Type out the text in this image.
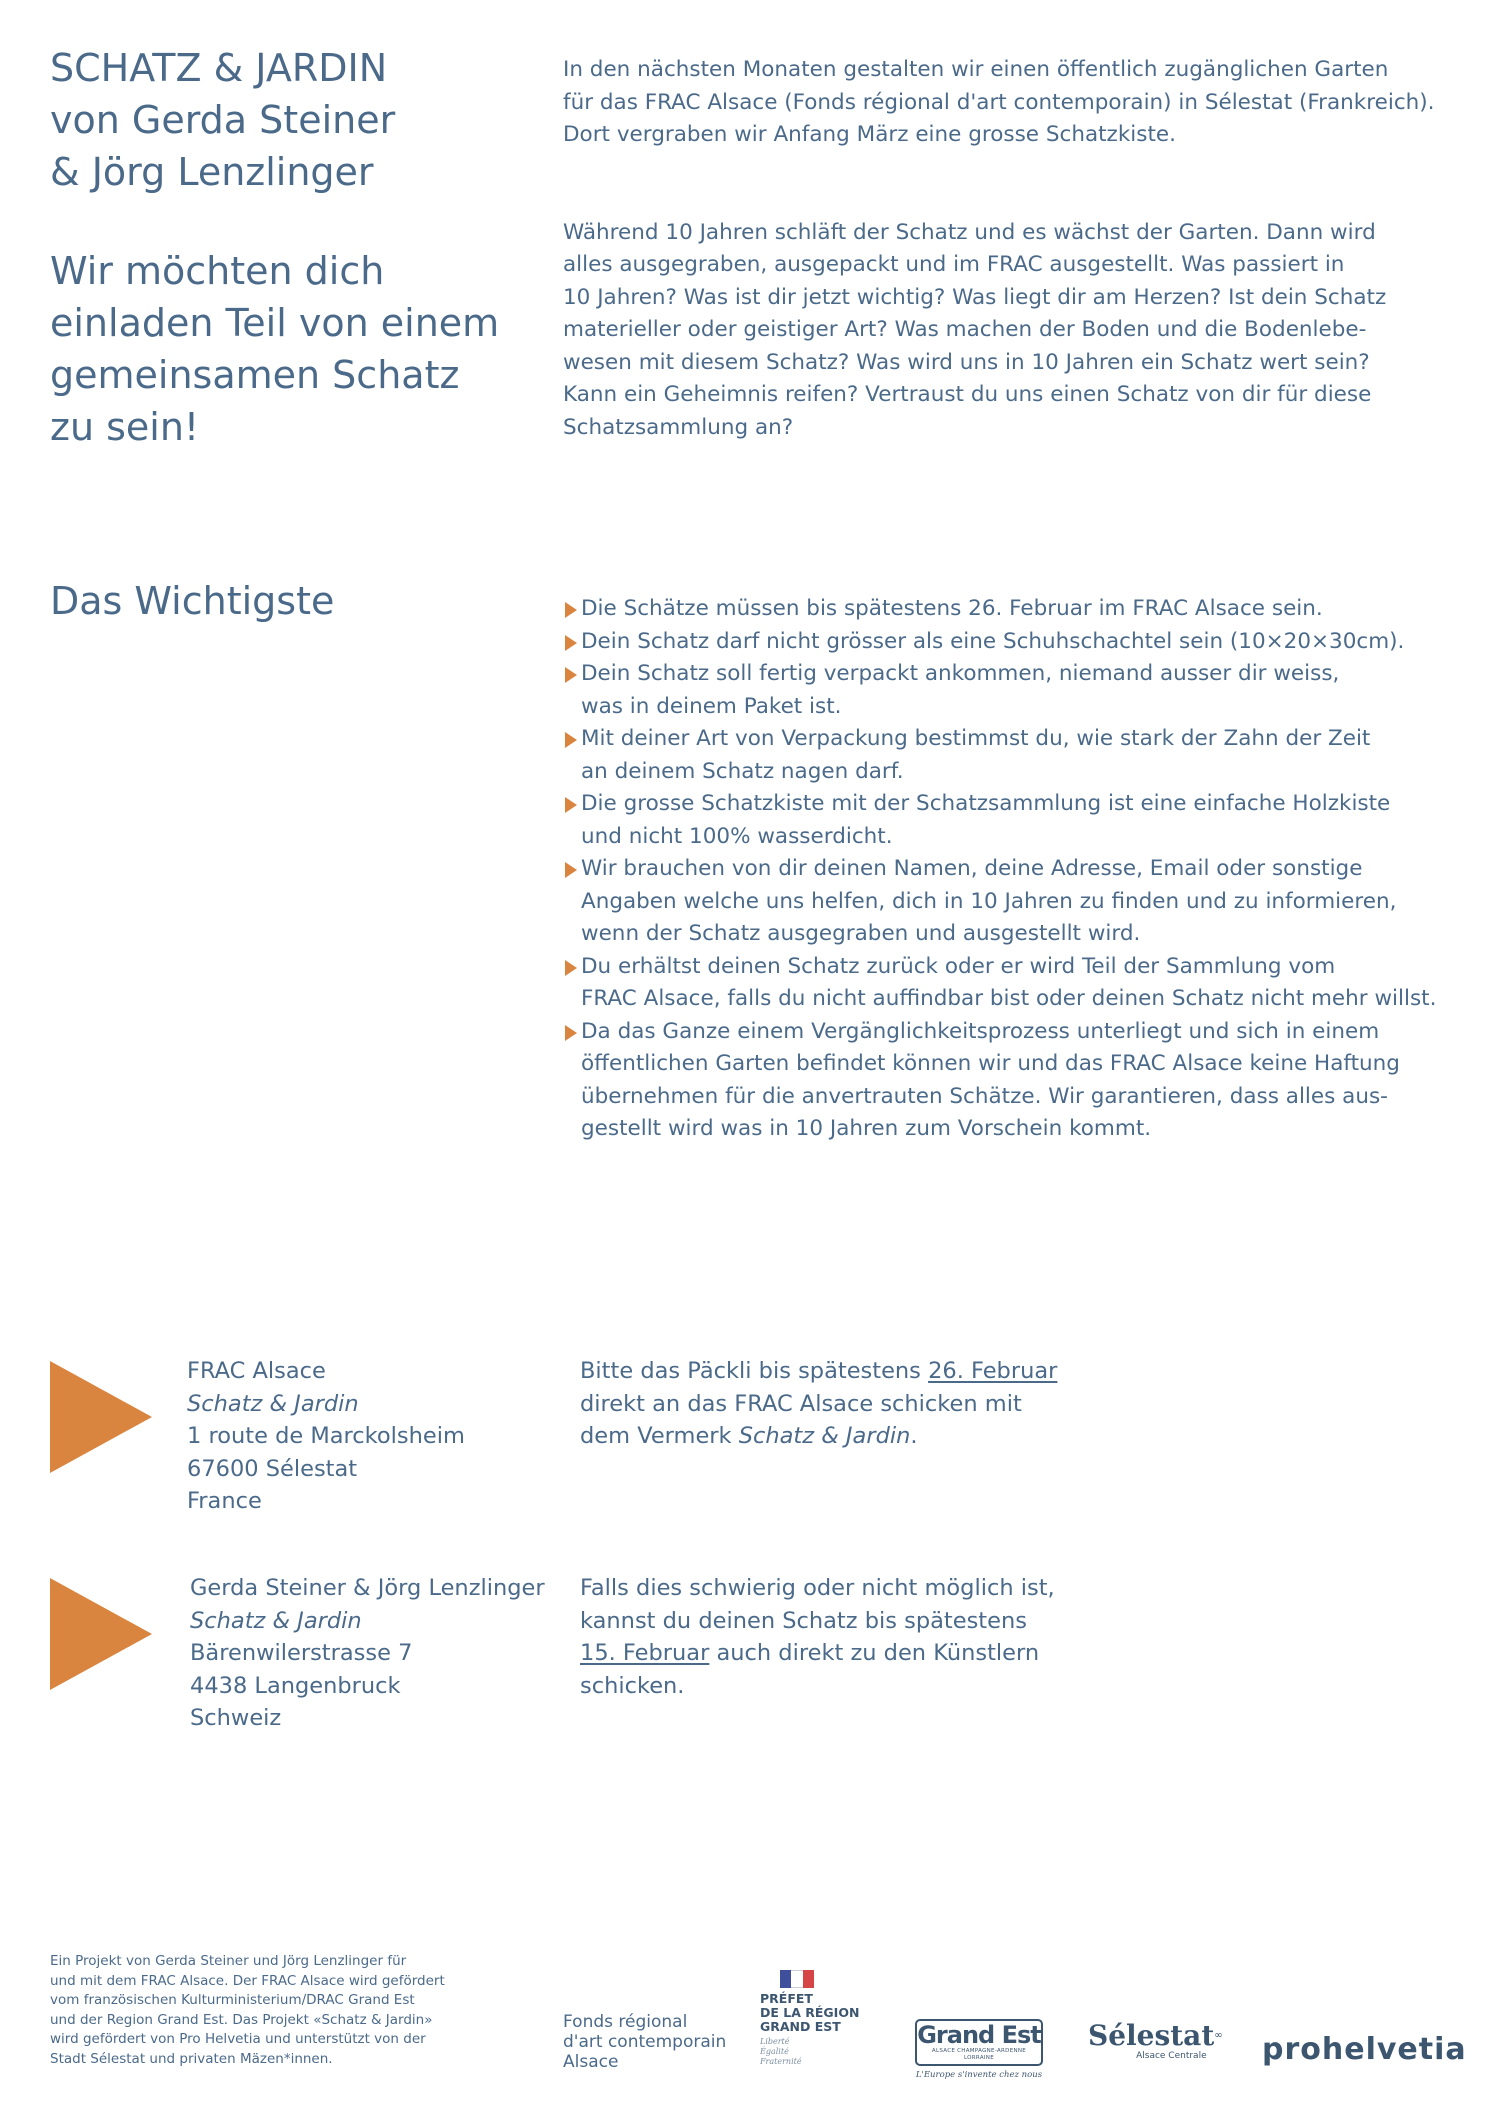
SCHATZ & JARDIN
von Gerda Steiner
& Jörg Lenzlinger
Wir möchten dich
einladen Teil von einem
gemeinsamen Schatz
zu sein!

In den nächsten Monaten gestalten wir einen öffentlich zugänglichen Garten
für das FRAC Alsace (Fonds régional d'art contemporain) in Sélestat (Frankreich).
Dort vergraben wir Anfang März eine grosse Schatzkiste.

Während 10 Jahren schläft der Schatz und es wächst der Garten. Dann wird
alles ausgegraben, ausgepackt und im FRAC ausgestellt. Was passiert in
10 Jahren? Was ist dir jetzt wichtig? Was liegt dir am Herzen? Ist dein Schatz
materieller oder geistiger Art? Was machen der Boden und die Bodenlebe-
wesen mit diesem Schatz? Was wird uns in 10 Jahren ein Schatz wert sein?
Kann ein Geheimnis reifen? Vertraust du uns einen Schatz von dir für diese
Schatzsammlung an?

Das Wichtigste	Die Schätze müssen bis spätestens 26. Februar im FRAC Alsace sein.
Dein Schatz darf nicht grösser als eine Schuhschachtel sein (10×20×30cm).
Dein Schatz soll fertig verpackt ankommen, niemand ausser dir weiss,
was in deinem Paket ist.
Mit deiner Art von Verpackung bestimmst du, wie stark der Zahn der Zeit
an deinem Schatz nagen darf.
Die grosse Schatzkiste mit der Schatzsammlung ist eine einfache Holzkiste
und nicht 100% wasserdicht.
Wir brauchen von dir deinen Namen, deine Adresse, Email oder sonstige
Angaben welche uns helfen, dich in 10 Jahren zu finden und zu informieren,
wenn der Schatz ausgegraben und ausgestellt wird.
Du erhältst deinen Schatz zurück oder er wird Teil der Sammlung vom
FRAC Alsace, falls du nicht auffindbar bist oder deinen Schatz nicht mehr willst.
Da das Ganze einem Vergänglichkeitsprozess unterliegt und sich in einem
öffentlichen Garten befindet können wir und das FRAC Alsace keine Haftung
übernehmen für die anvertrauten Schätze. Wir garantieren, dass alles aus-
gestellt wird was in 10 Jahren zum Vorschein kommt.
FRAC Alsace
Schatz & Jardin
1 route de Marckolsheim
67600 Sélestat
France
Bitte das Päckli bis spätestens 26. Februar
direkt an das FRAC Alsace schicken mit
dem Vermerk Schatz & Jardin.
Gerda Steiner & Jörg Lenzlinger
Schatz & Jardin
Bärenwilerstrasse 7
4438 Langenbruck
Schweiz
Falls dies schwierig oder nicht möglich ist,
kannst du deinen Schatz bis spätestens
15. Februar auch direkt zu den Künstlern
schicken.
Ein Projekt von Gerda Steiner und Jörg Lenzlinger für
und mit dem FRAC Alsace. Der FRAC Alsace wird gefördert
vom französischen Kulturministerium/DRAC Grand Est
und der Region Grand Est. Das Projekt «Schatz & Jardin»
wird gefördert von Pro Helvetia und unterstützt von der
Stadt Sélestat und privaten Mäzen*innen.
Fonds régional
d'art contemporain
Alsace
PRÉFET
DE LA RÉGION
GRAND EST
Liberté
Égalité
Fraternité
Grand Est
ALSACE CHAMPAGNE-ARDENNE LORRAINE
L'Europe s'invente chez nous
Sélestat∞
Alsace Centrale	prohelvetia
